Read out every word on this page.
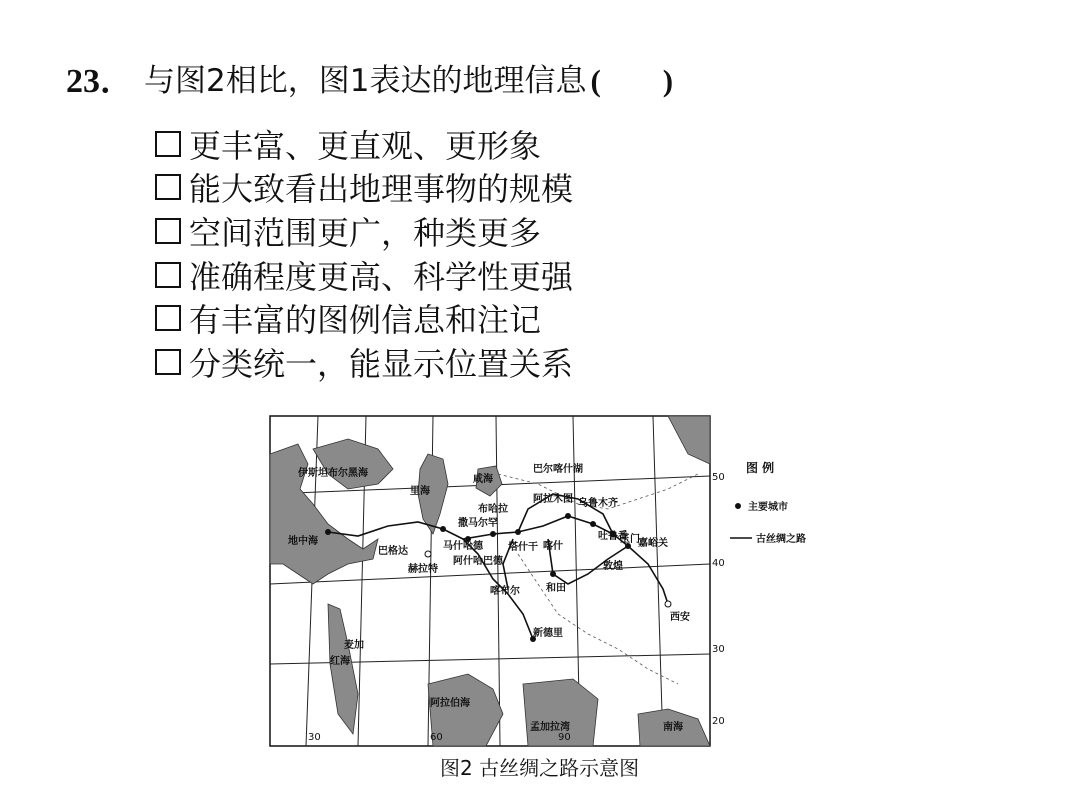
23． 与图2相比，图1表达的地理信息 (　　)
更丰富、更直观、更形象
能大致看出地理事物的规模
空间范围更广，种类更多
准确程度更高、科学性更强
有丰富的图例信息和注记
分类统一，能显示位置关系
伊斯坦布尔 黑海
地中海
里海
咸海
巴尔喀什湖
布哈拉
撒马尔罕
塔什干 喀什
和田
阿拉木图 乌鲁木齐
吐鲁番
敦煌
玉门
嘉峪关
西安
喀布尔
新德里
赫拉特
马什哈德
巴格达
阿什哈巴德
阿拉伯海
孟加拉湾
红海
麦加
南海
30	60	90
50
40
30
20
图 例
主要城市
古丝绸之路
图2 古丝绸之路示意图
